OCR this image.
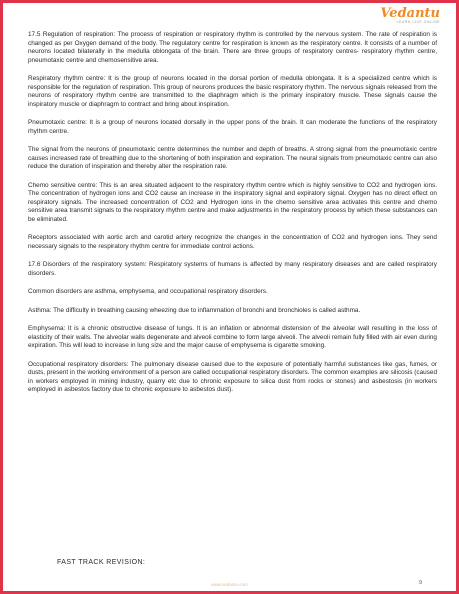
Vedantu
LEARN LIVE ONLINE

17.5 Regulation of respiration: The process of respiration or respiratory rhythm is controlled by the nervous system. The rate of respiration is changed as per Oxygen demand of the body. The regulatory centre for respiration is known as the respiratory centre. It consists of a number of neurons located bilaterally in the medulla oblongata of the brain. There are three groups of respiratory centres- respiratory rhythm centre, pneumotaxic centre and chemosensitive area.

Respiratory rhythm centre: It is the group of neurons located in the dorsal portion of medulla oblongata. It is a specialized centre which is responsible for the regulation of respiration. This group of neurons produces the basic respiratory rhythm. The nervous signals released from the neurons of respiratory rhythm centre are transmitted to the diaphragm which is the primary inspiratory muscle. These signals cause the inspiratory muscle or diaphragm to contract and bring about inspiration.

Pneumotaxic centre: It is a group of neurons located dorsally in the upper pons of the brain. It can moderate the functions of the respiratory rhythm centre.

The signal from the neurons of pneumotaxic centre determines the number and depth of breaths. A strong signal from the pneumotaxic centre causes increased rate of breathing due to the shortening of both inspiration and expiration. The neural signals from pneumotaxic centre can also reduce the duration of inspiration and thereby alter the respiration rate.

Chemo sensitive centre: This is an area situated adjacent to the respiratory rhythm centre which is highly sensitive to CO2 and hydrogen ions. The concentration of hydrogen ions and CO2 cause an increase in the inspiratory signal and expiratory signal. Oxygen has no direct effect on respiratory signals. The increased concentration of CO2 and Hydrogen ions in the chemo sensitive area activates this centre and chemo sensitive area transmit signals to the respiratory rhythm centre and make adjustments in the respiratory process by which these substances can be eliminated.

Receptors associated with aortic arch and carotid artery recognize the changes in the concentration of CO2 and hydrogen ions. They send necessary signals to the respiratory rhythm centre for immediate control actions.

17.6 Disorders of the respiratory system: Respiratory systems of humans is affected by many respiratory diseases and are called respiratory disorders.

Common disorders are asthma, emphysema, and occupational respiratory disorders.

Asthma: The difficulty in breathing causing wheezing due to inflammation of bronchi and bronchioles is called asthma.

Emphysema: It is a chronic obstructive disease of lungs. It is an inflation or abnormal distension of the alveolar wall resulting in the loss of elasticity of their walls. The alveolar walls degenerate and alveoli combine to form large alveoli. The alveoli remain fully filled with air even during expiration. This will lead to increase in lung size and the major cause of emphysema is cigarette smoking.

Occupational respiratory disorders: The pulmonary disease caused due to the exposure of potentially harmful substances like gas, fumes, or dusts, present in the working environment of a person are called occupational respiratory disorders. The common examples are silicosis (caused in workers employed in mining industry, quarry etc due to chronic exposure to silica dust from rocks or stones) and asbestosis (in workers employed in asbestos factory due to chronic exposure to asbestos dust).

FAST TRACK REVISION:
www.vedantu.com	9
